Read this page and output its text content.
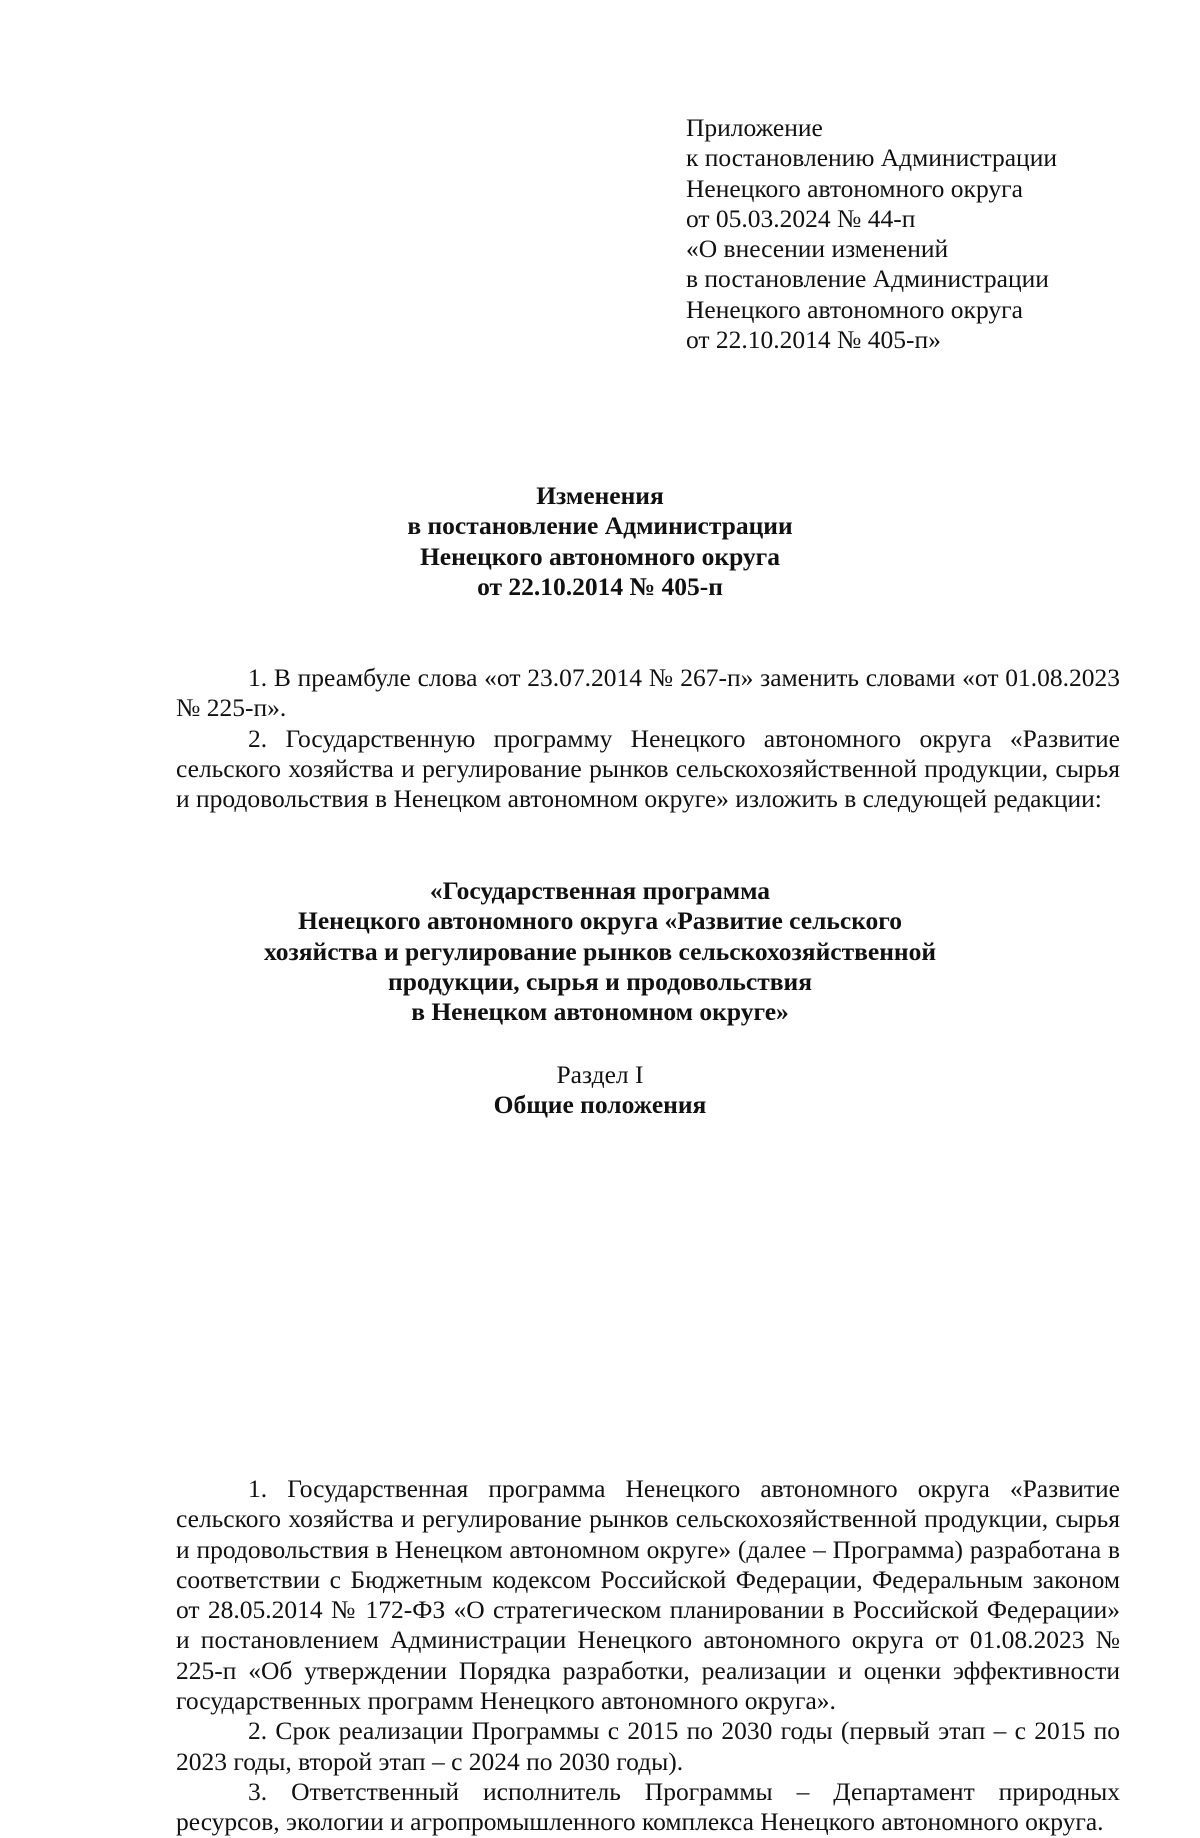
Приложение
к постановлению Администрации
Ненецкого автономного округа
от 05.03.2024 № 44-п
«О внесении изменений
в постановление Администрации
Ненецкого автономного округа
от 22.10.2014 № 405-п»
Изменения
в постановление Администрации
Ненецкого автономного округа
от 22.10.2014 № 405-п

1. В преамбуле слова «от 23.07.2014 № 267-п» заменить словами «от 01.08.2023 № 225-п».

2. Государственную программу Ненецкого автономного округа «Развитие сельского хозяйства и регулирование рынков сельскохозяйственной продукции, сырья и продовольствия в Ненецком автономном округе» изложить в следующей редакции:

«Государственная программа
Ненецкого автономного округа «Развитие сельского
хозяйства и регулирование рынков сельскохозяйственной
продукции, сырья и продовольствия
в Ненецком автономном округе»
Раздел I
Общие положения

1. Государственная программа Ненецкого автономного округа «Развитие сельского хозяйства и регулирование рынков сельскохозяйственной продукции, сырья и продовольствия в Ненецком автономном округе» (далее – Программа) разработана в соответствии с Бюджетным кодексом Российской Федерации, Федеральным законом от 28.05.2014 № 172-ФЗ «О стратегическом планировании в Российской Федерации» и постановлением Администрации Ненецкого автономного округа от 01.08.2023 № 225-п «Об утверждении Порядка разработки, реализации и оценки эффективности государственных программ Ненецкого автономного округа».

2. Срок реализации Программы с 2015 по 2030 годы (первый этап – с 2015 по 2023 годы, второй этап – с 2024 по 2030 годы).

3. Ответственный исполнитель Программы – Департамент природных ресурсов, экологии и агропромышленного комплекса Ненецкого автономного округа.
